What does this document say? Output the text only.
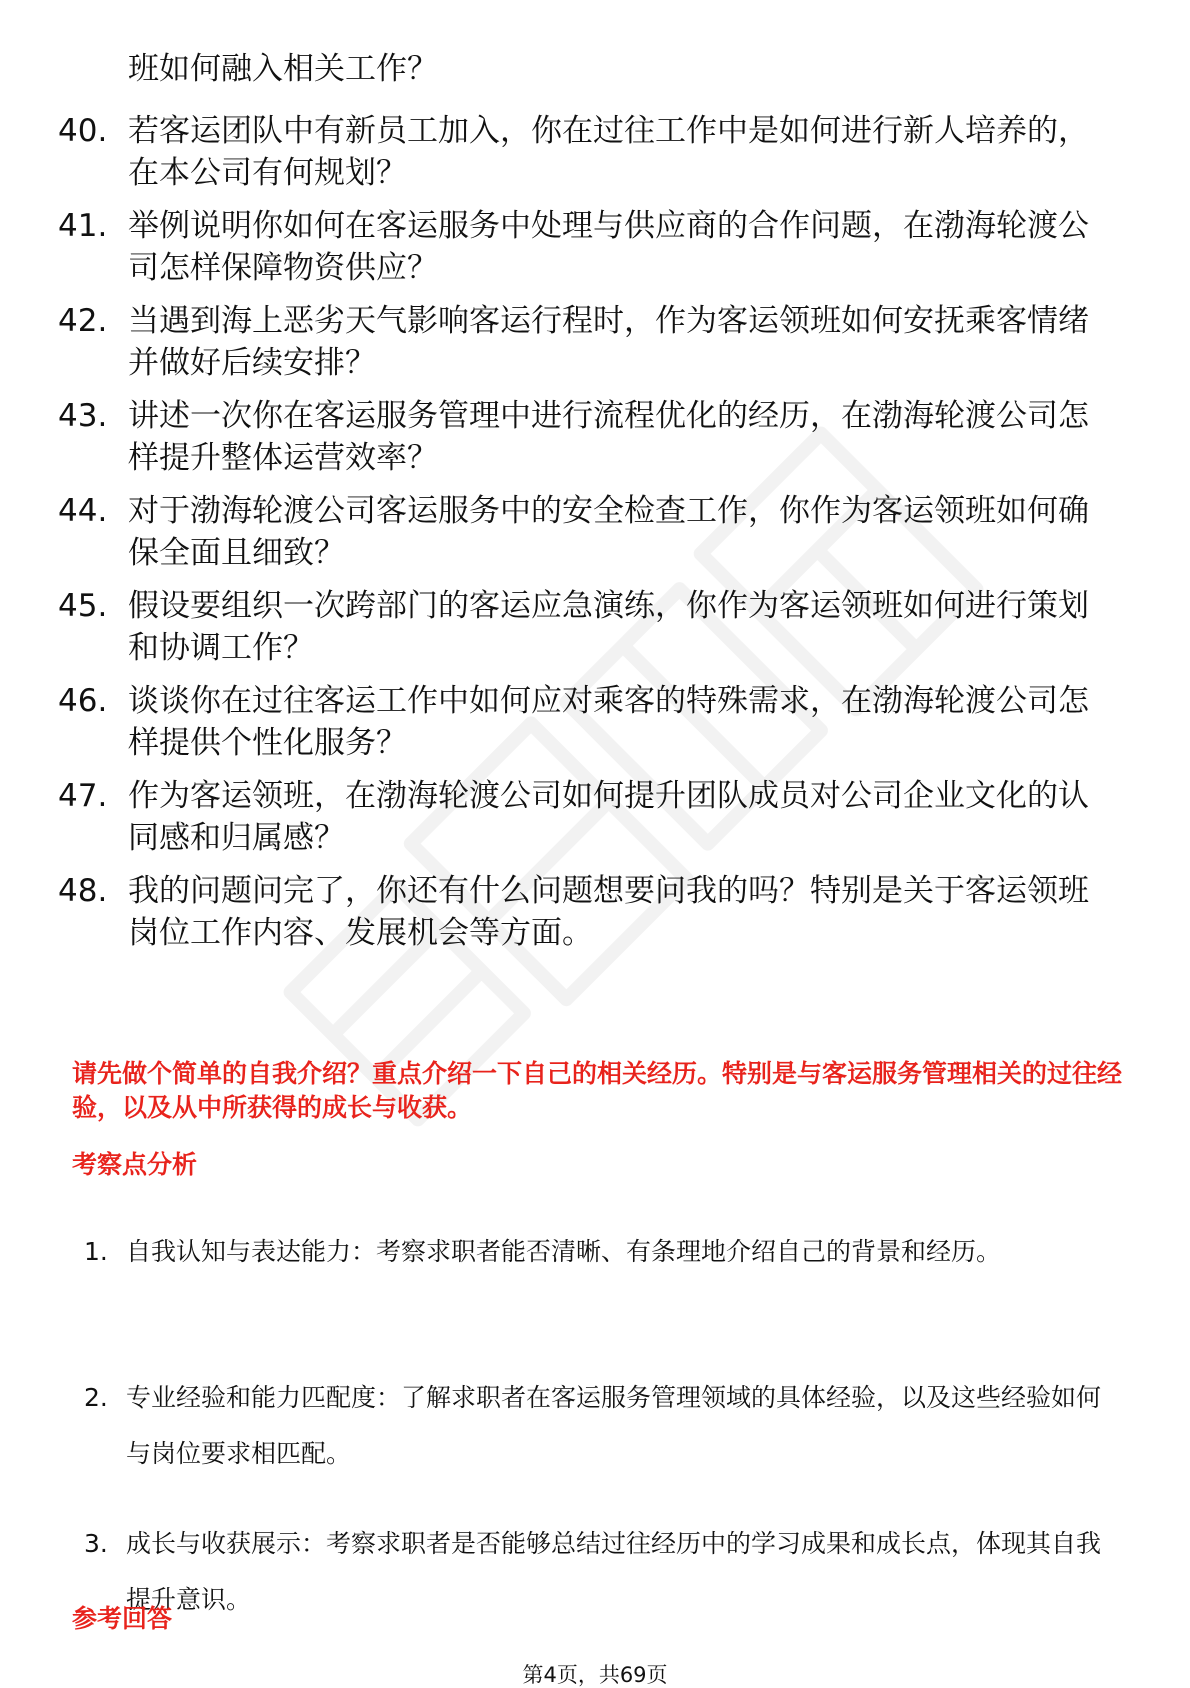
班如何融入相关工作？
40. 若客运团队中有新员工加入，你在过往工作中是如何进行新人培养的，在本公司有何规划？
41. 举例说明你如何在客运服务中处理与供应商的合作问题，在渤海轮渡公司怎样保障物资供应？
42. 当遇到海上恶劣天气影响客运行程时，作为客运领班如何安抚乘客情绪并做好后续安排？
43. 讲述一次你在客运服务管理中进行流程优化的经历，在渤海轮渡公司怎样提升整体运营效率？
44. 对于渤海轮渡公司客运服务中的安全检查工作，你作为客运领班如何确保全面且细致？
45. 假设要组织一次跨部门的客运应急演练，你作为客运领班如何进行策划和协调工作？
46. 谈谈你在过往客运工作中如何应对乘客的特殊需求，在渤海轮渡公司怎样提供个性化服务？
47. 作为客运领班，在渤海轮渡公司如何提升团队成员对公司企业文化的认同感和归属感？
48. 我的问题问完了，你还有什么问题想要问我的吗？特别是关于客运领班岗位工作内容、发展机会等方面。
请先做个简单的自我介绍？重点介绍一下自己的相关经历。特别是与客运服务管理相关的过往经验，以及从中所获得的成长与收获。
考察点分析
1. 自我认知与表达能力：考察求职者能否清晰、有条理地介绍自己的背景和经历。
2. 专业经验和能力匹配度：了解求职者在客运服务管理领域的具体经验，以及这些经验如何与岗位要求相匹配。
3. 成长与收获展示：考察求职者是否能够总结过往经历中的学习成果和成长点，体现其自我提升意识。
参考回答
第4页，共69页
